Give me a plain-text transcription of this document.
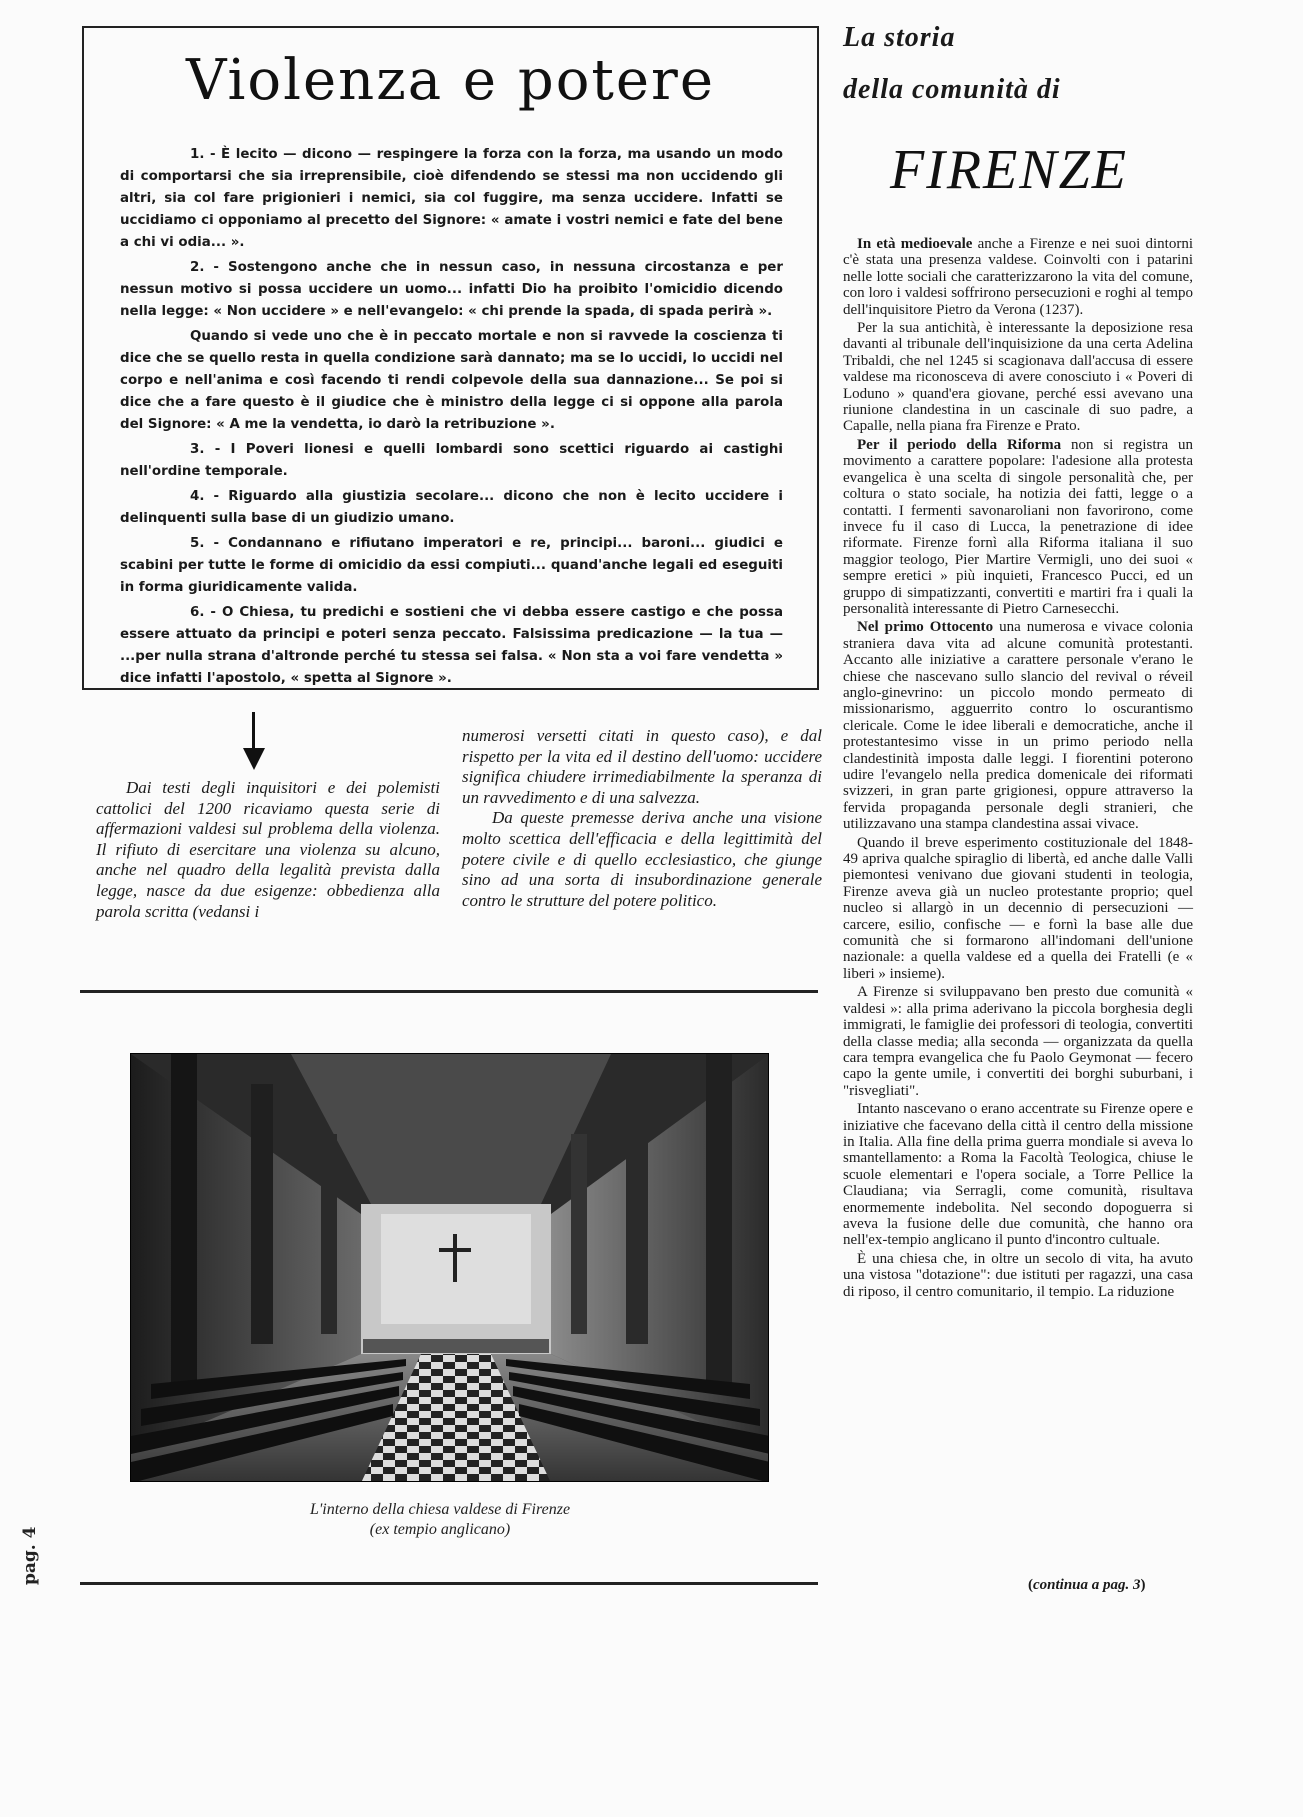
Violenza e potere

1. - È lecito — dicono — respingere la forza con la forza, ma usando un modo di comportarsi che sia irreprensibile, cioè difendendo se stessi ma non uccidendo gli altri, sia col fare prigionieri i nemici, sia col fuggire, ma senza uccidere. Infatti se uccidiamo ci opponiamo al precetto del Signore: « amate i vostri nemici e fate del bene a chi vi odia... ».

2. - Sostengono anche che in nessun caso, in nessuna circostanza e per nessun motivo si possa uccidere un uomo... infatti Dio ha proibito l'omicidio dicendo nella legge: « Non uccidere » e nell'evangelo: « chi prende la spada, di spada perirà ».

Quando si vede uno che è in peccato mortale e non si ravvede la coscienza ti dice che se quello resta in quella condizione sarà dannato; ma se lo uccidi, lo uccidi nel corpo e nell'anima e così facendo ti rendi colpevole della sua dannazione... Se poi si dice che a fare questo è il giudice che è ministro della legge ci si oppone alla parola del Signore: « A me la vendetta, io darò la retribuzione ».

3. - I Poveri lionesi e quelli lombardi sono scettici riguardo ai castighi nell'ordine temporale.

4. - Riguardo alla giustizia secolare... dicono che non è lecito uccidere i delinquenti sulla base di un giudizio umano.

5. - Condannano e rifiutano imperatori e re, principi... baroni... giudici e scabini per tutte le forme di omicidio da essi compiuti... quand'anche legali ed eseguiti in forma giuridicamente valida.

6. - O Chiesa, tu predichi e sostieni che vi debba essere castigo e che possa essere attuato da principi e poteri senza peccato. Falsissima predicazione — la tua — ...per nulla strana d'altronde perché tu stessa sei falsa. « Non sta a voi fare vendetta » dice infatti l'apostolo, « spetta al Signore ».

Dai testi degli inquisitori e dei polemisti cattolici del 1200 ricaviamo questa serie di affermazioni valdesi sul problema della violenza. Il rifiuto di esercitare una violenza su alcuno, anche nel quadro della legalità prevista dalla legge, nasce da due esigenze: obbedienza alla parola scritta (vedansi i

numerosi versetti citati in questo caso), e dal rispetto per la vita ed il destino dell'uomo: uccidere significa chiudere irrimediabilmente la speranza di un ravvedimento e di una salvezza.

Da queste premesse deriva anche una visione molto scettica dell'efficacia e della legittimità del potere civile e di quello ecclesiastico, che giunge sino ad una sorta di insubordinazione generale contro le strutture del potere politico.

L'interno della chiesa valdese di Firenze
(ex tempio anglicano)
pag. 4
La storia
della comunità di
FIRENZE

In età medioevale anche a Firenze e nei suoi dintorni c'è stata una presenza valdese. Coinvolti con i patarini nelle lotte sociali che caratterizzarono la vita del comune, con loro i valdesi soffrirono persecuzioni e roghi al tempo dell'inquisitore Pietro da Verona (1237).

Per la sua antichità, è interessante la deposizione resa davanti al tribunale dell'inquisizione da una certa Adelina Tribaldi, che nel 1245 si scagionava dall'accusa di essere valdese ma riconosceva di avere conosciuto i « Poveri di Loduno » quand'era giovane, perché essi avevano una riunione clandestina in un cascinale di suo padre, a Capalle, nella piana fra Firenze e Prato.

Per il periodo della Riforma non si registra un movimento a carattere popolare: l'adesione alla protesta evangelica è una scelta di singole personalità che, per coltura o stato sociale, ha notizia dei fatti, legge o a contatti. I fermenti savonaroliani non favorirono, come invece fu il caso di Lucca, la penetrazione di idee riformate. Firenze fornì alla Riforma italiana il suo maggior teologo, Pier Martire Vermigli, uno dei suoi « sempre eretici » più inquieti, Francesco Pucci, ed un gruppo di simpatizzanti, convertiti e martiri fra i quali la personalità interessante di Pietro Carnesecchi.

Nel primo Ottocento una numerosa e vivace colonia straniera dava vita ad alcune comunità protestanti. Accanto alle iniziative a carattere personale v'erano le chiese che nascevano sullo slancio del revival o réveil anglo-ginevrino: un piccolo mondo permeato di missionarismo, agguerrito contro lo oscurantismo clericale. Come le idee liberali e democratiche, anche il protestantesimo visse in un primo periodo nella clandestinità imposta dalle leggi. I fiorentini poterono udire l'evangelo nella predica domenicale dei riformati svizzeri, in gran parte grigionesi, oppure attraverso la fervida propaganda personale degli stranieri, che utilizzavano una stampa clandestina assai vivace.

Quando il breve esperimento costituzionale del 1848-49 apriva qualche spiraglio di libertà, ed anche dalle Valli piemontesi venivano due giovani studenti in teologia, Firenze aveva già un nucleo protestante proprio; quel nucleo si allargò in un decennio di persecuzioni — carcere, esilio, confische — e fornì la base alle due comunità che si formarono all'indomani dell'unione nazionale: a quella valdese ed a quella dei Fratelli (e « liberi » insieme).

A Firenze si sviluppavano ben presto due comunità « valdesi »: alla prima aderivano la piccola borghesia degli immigrati, le famiglie dei professori di teologia, convertiti della classe media; alla seconda — organizzata da quella cara tempra evangelica che fu Paolo Geymonat — fecero capo la gente umile, i convertiti dei borghi suburbani, i "risvegliati".

Intanto nascevano o erano accentrate su Firenze opere e iniziative che facevano della città il centro della missione in Italia. Alla fine della prima guerra mondiale si aveva lo smantellamento: a Roma la Facoltà Teologica, chiuse le scuole elementari e l'opera sociale, a Torre Pellice la Claudiana; via Serragli, come comunità, risultava enormemente indebolita. Nel secondo dopoguerra si aveva la fusione delle due comunità, che hanno ora nell'ex-tempio anglicano il punto d'incontro cultuale.

È una chiesa che, in oltre un secolo di vita, ha avuto una vistosa "dotazione": due istituti per ragazzi, una casa di riposo, il centro comunitario, il tempio. La riduzione

(continua a pag. 3)
